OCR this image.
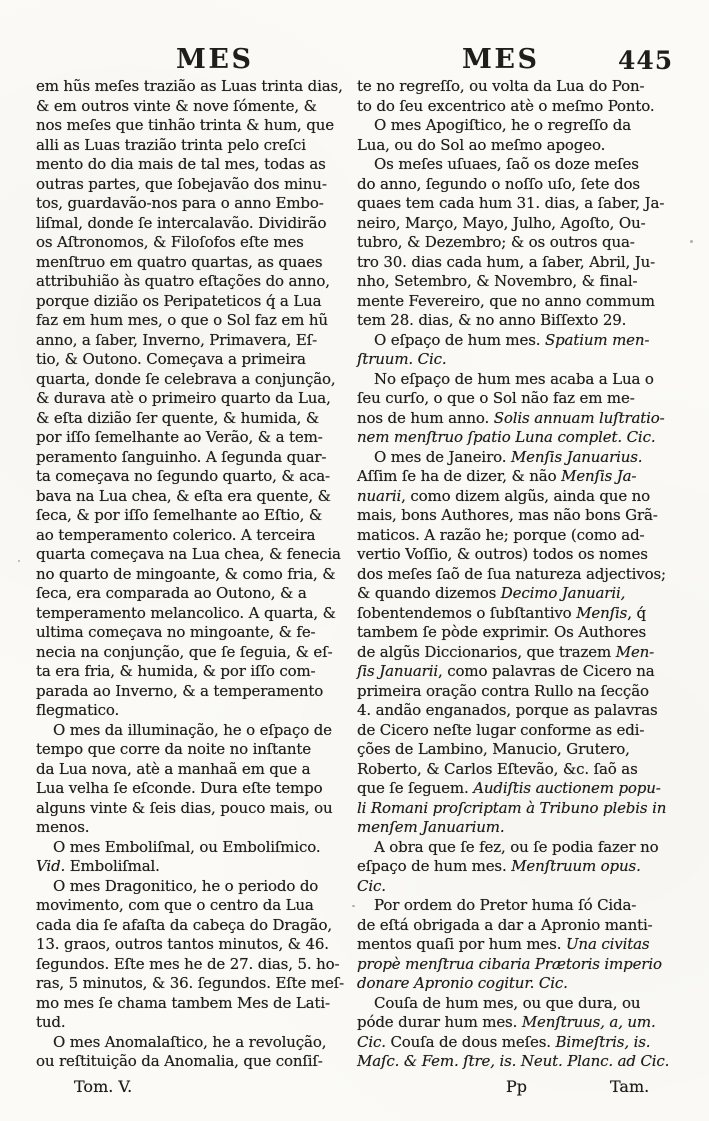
MES	MES	445
em hũs meſes trazião as Luas trinta dias,
& em outros vinte & nove ſómente, &
nos meſes que tinhão trinta & hum, que
alli as Luas trazião trinta pelo creſci
mento do dia mais de tal mes, todas as
outras partes, que ſobejavão dos minu-
tos, guardavão-nos para o anno Embo-
liſmal, donde ſe intercalavão. Dividirão
os Aſtronomos, & Filoſofos eſte mes
menſtruo em quatro quartas, as quaes
attribuhião às quatro eſtações do anno,
porque dizião os Peripateticos q́ a Lua
faz em hum mes, o que o Sol faz em hũ
anno, a ſaber, Inverno, Primavera, Eſ-
tio, & Outono. Começava a primeira
quarta, donde ſe celebrava a conjunção,
& durava atè o primeiro quarto da Lua,
& eſta dizião ſer quente, & humida, &
por iſſo ſemelhante ao Verão, & a tem-
peramento ſanguinho. A ſegunda quar-
ta começava no ſegundo quarto, & aca-
bava na Lua chea, & eſta era quente, &
ſeca, & por iſſo ſemelhante ao Eſtio, &
ao temperamento colerico. A terceira
quarta começava na Lua chea, & fenecia
no quarto de mingoante, & como fria, &
ſeca, era comparada ao Outono, & a
temperamento melancolico. A quarta, &
ultima começava no mingoante, & fe-
necia na conjunção, que ſe ſeguia, & eſ-
ta era fria, & humida, & por iſſo com-
parada ao Inverno, & a temperamento
flegmatico.
O mes da illuminação, he o eſpaço de
tempo que corre da noite no inſtante
da Lua nova, atè a manhaã em que a
Lua velha ſe eſconde. Dura eſte tempo
alguns vinte & ſeis dias, pouco mais, ou
menos.
O mes Emboliſmal, ou Emboliſmico.
Vid. Emboliſmal.
O mes Dragonitico, he o periodo do
movimento, com que o centro da Lua
cada dia ſe afaſta da cabeça do Dragão,
13. graos, outros tantos minutos, & 46.
ſegundos. Eſte mes he de 27. dias, 5. ho-
ras, 5 minutos, & 36. ſegundos. Eſte meſ-
mo mes ſe chama tambem Mes de Lati-
tud.
O mes Anomalaſtico, he a revolução,
ou reſtituição da Anomalia, que conſiſ-
te no regreſſo, ou volta da Lua do Pon-
to do ſeu excentrico atè o meſmo Ponto.
O mes Apogiſtico, he o regreſſo da
Lua, ou do Sol ao meſmo apogeo.
Os meſes uſuaes, ſaõ os doze meſes
do anno, ſegundo o noſſo uſo, ſete dos
quaes tem cada hum 31. dias, a ſaber, Ja-
neiro, Março, Mayo, Julho, Agoſto, Ou-
tubro, & Dezembro; & os outros qua-
tro 30. dias cada hum, a ſaber, Abril, Ju-
nho, Setembro, & Novembro, & final-
mente Fevereiro, que no anno commum
tem 28. dias, & no anno Biſſexto 29.
O eſpaço de hum mes. Spatium men-
ſtruum. Cic.
No eſpaço de hum mes acaba a Lua o
ſeu curſo, o que o Sol não faz em me-
nos de hum anno. Solis annuam luſtratio-
nem menſtruo ſpatio Luna complet. Cic.
O mes de Janeiro. Menſis Januarius.
Aſſim ſe ha de dizer, & não Menſis Ja-
nuarii, como dizem algũs, ainda que no
mais, bons Authores, mas não bons Grã-
maticos. A razão he; porque (como ad-
vertio Voſſio, & outros) todos os nomes
dos meſes ſaõ de ſua natureza adjectivos;
& quando dizemos Decimo Januarii,
ſobentendemos o ſubſtantivo Menſis, q́
tambem ſe pòde exprimir. Os Authores
de algũs Diccionarios, que trazem Men-
ſis Januarii, como palavras de Cicero na
primeira oração contra Rullo na ſecção
4. andão enganados, porque as palavras
de Cicero neſte lugar conforme as edi-
ções de Lambino, Manucio, Grutero,
Roberto, & Carlos Eſtevão, &c. ſaõ as
que ſe ſeguem. Audiſtis auctionem popu-
li Romani proſcriptam à Tribuno plebis in
menſem Januarium.
A obra que ſe fez, ou ſe podia fazer no
eſpaço de hum mes. Menſtruum opus.
Cic.
Por ordem do Pretor huma ſó Cida-
de eſtá obrigada a dar a Apronio manti-
mentos quaſi por hum mes. Una civitas
propè menſtrua cibaria Prætoris imperio
donare Apronio cogitur. Cic.
Couſa de hum mes, ou que dura, ou
póde durar hum mes. Menſtruus, a, um.
Cic. Couſa de dous meſes. Bimeſtris, is.
Maſc. & Fem. ſtre, is. Neut. Planc. ad Cic.
Tom. V.	Pp	Tam.
